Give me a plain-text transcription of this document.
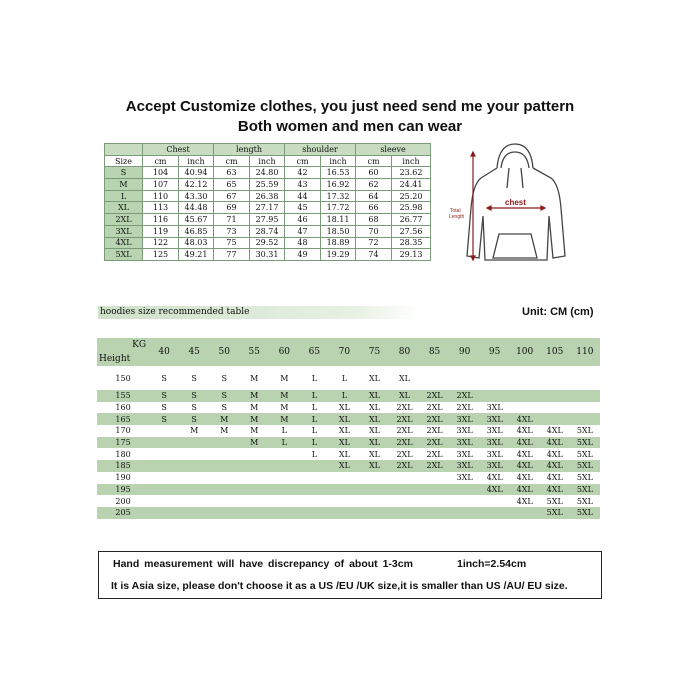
Accept Customize clothes, you just need send me your pattern
Both women and men can wear
	Chest		length		shoulder		sleeve	
Size	cm	inch	cm	inch	cm	inch	cm	inch
S	104	40.94	63	24.80	42	16.53	60	23.62
M	107	42.12	65	25.59	43	16.92	62	24.41
L	110	43.30	67	26.38	44	17.32	64	25.20
XL	113	44.48	69	27.17	45	17.72	66	25.98
2XL	116	45.67	71	27.95	46	18.11	68	26.77
3XL	119	46.85	73	28.74	47	18.50	70	27.56
4XL	122	48.03	75	29.52	48	18.89	72	28.35
5XL	125	49.21	77	30.31	49	19.29	74	29.13
chest
Total
Length
hoodies size recommended table	Unit: CM (cm)
KG
Height	40	45	50	55	60	65	70	75	80	85	90	95	100	105	110
150	S	S	S	M	M	L	L	XL	XL						
155	S	S	S	M	M	L	L	XL	XL	2XL	2XL				
160	S	S	S	M	M	L	XL	XL	2XL	2XL	2XL	3XL			
165	S	S	M	M	M	L	XL	XL	2XL	2XL	3XL	3XL	4XL		
170		M	M	M	L	L	XL	XL	2XL	2XL	3XL	3XL	4XL	4XL	5XL
175				M	L	L	XL	XL	2XL	2XL	3XL	3XL	4XL	4XL	5XL
180						L	XL	XL	2XL	2XL	3XL	3XL	4XL	4XL	5XL
185							XL	XL	2XL	2XL	3XL	3XL	4XL	4XL	5XL
190											3XL	4XL	4XL	4XL	5XL
195												4XL	4XL	4XL	5XL
200													4XL	5XL	5XL
205														5XL	5XL
Hand measurement will have discrepancy of about 1-3cm	1inch=2.54cm
It is Asia size, please don't choose it as a US /EU /UK size,it is smaller than US /AU/ EU size.
